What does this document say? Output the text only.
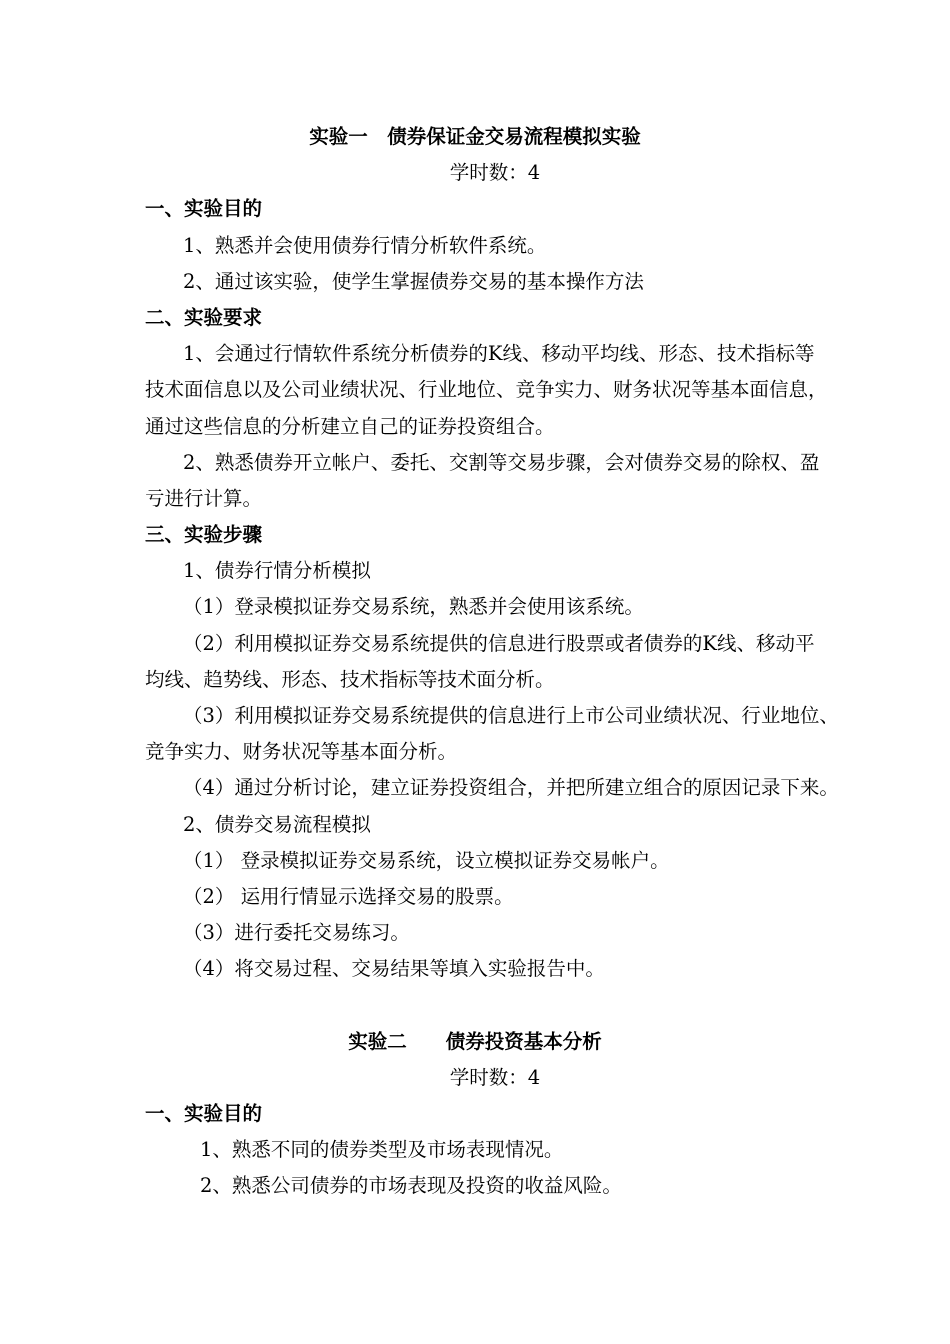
实验一　债券保证金交易流程模拟实验
学时数：4
一、实验目的
1、熟悉并会使用债券行情分析软件系统。
2、通过该实验，使学生掌握债券交易的基本操作方法
二、实验要求
1、会通过行情软件系统分析债券的K线、移动平均线、形态、技术指标等
技术面信息以及公司业绩状况、行业地位、竞争实力、财务状况等基本面信息，
通过这些信息的分析建立自己的证券投资组合。
2、熟悉债券开立帐户、委托、交割等交易步骤，会对债券交易的除权、盈
亏进行计算。
三、实验步骤
1、债券行情分析模拟
（1）登录模拟证券交易系统，熟悉并会使用该系统。
（2）利用模拟证券交易系统提供的信息进行股票或者债券的K线、移动平
均线、趋势线、形态、技术指标等技术面分析。
（3）利用模拟证券交易系统提供的信息进行上市公司业绩状况、行业地位、
竞争实力、财务状况等基本面分析。
（4）通过分析讨论，建立证券投资组合，并把所建立组合的原因记录下来。
2、债券交易流程模拟
（1） 登录模拟证券交易系统，设立模拟证券交易帐户。
（2） 运用行情显示选择交易的股票。
（3）进行委托交易练习。
（4）将交易过程、交易结果等填入实验报告中。
实验二　　债券投资基本分析
学时数：4
一、实验目的
1、熟悉不同的债券类型及市场表现情况。
2、熟悉公司债券的市场表现及投资的收益风险。
